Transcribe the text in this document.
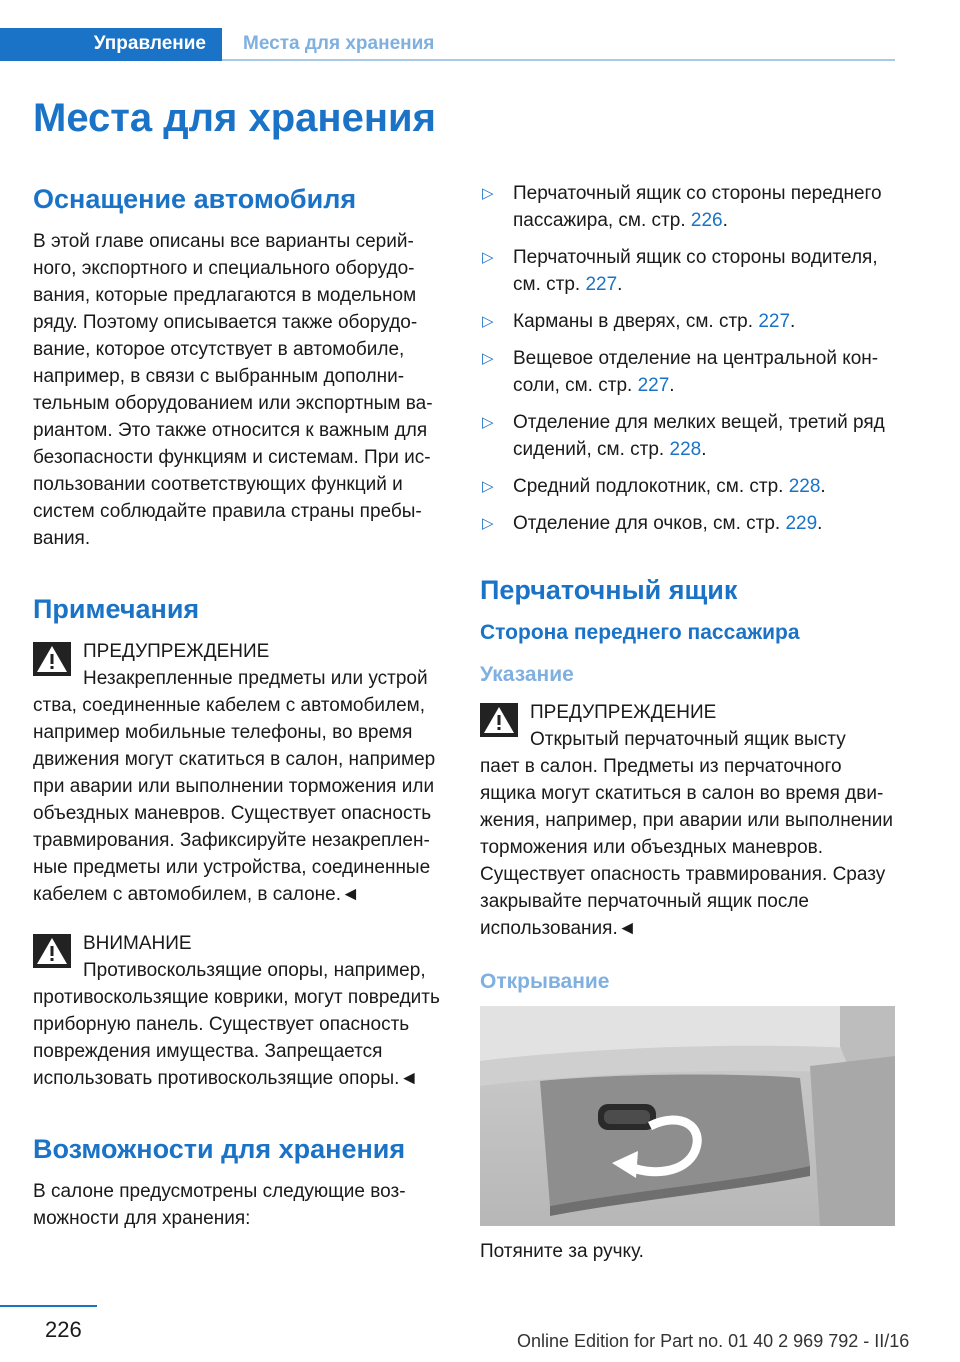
Управление Места для хранения
Места для хранения
Оснащение автомобиля

В этой главе описаны все варианты серийного, экспортного и специального оборудования, которые предлагаются в модельном ряду. Поэтому описывается также оборудование, которое отсутствует в автомобиле, например, в связи с выбранным дополнительным оборудованием или экспортным вариантом. Это также относится к важным для безопасности функциям и системам. При использовании соответствующих функций и систем соблюдайте правила страны пребывания.

Примечания
ПРЕДУПРЕЖДЕНИЕ

Незакрепленные предметы или устрой

ства, соединенные кабелем с автомобилем, например мобильные телефоны, во время движения могут скатиться в салон, например при аварии или выполнении торможения или объездных маневров. Существует опасность травмирования. Зафиксируйте незакрепленные предметы или устройства, соединенные кабелем с автомобилем, в салоне.◄

ВНИМАНИЕ

Противоскользящие опоры, например,

противоскользящие коврики, могут повредить приборную панель. Существует опасность повреждения имущества. Запрещается использовать противоскользящие опоры.◄

Возможности для хранения

В салоне предусмотрены следующие возможности для хранения:

▷ Перчаточный ящик со стороны переднего пассажира, см. стр. 226.
▷ Перчаточный ящик со стороны водителя, см. стр. 227.
▷ Карманы в дверях, см. стр. 227.
▷ Вещевое отделение на центральной консоли, см. стр. 227.
▷ Отделение для мелких вещей, третий ряд сидений, см. стр. 228.
▷ Средний подлокотник, см. стр. 228.
▷ Отделение для очков, см. стр. 229.
Перчаточный ящик
Сторона переднего пассажира
Указание
ПРЕДУПРЕЖДЕНИЕ

Открытый перчаточный ящик высту

пает в салон. Предметы из перчаточного ящика могут скатиться в салон во время движения, например, при аварии или выполнении торможения или объездных маневров. Существует опасность травмирования. Сразу закрывайте перчаточный ящик после использования.◄

Открывание

Потяните за ручку.

226	Online Edition for Part no. 01 40 2 969 792 - II/16
